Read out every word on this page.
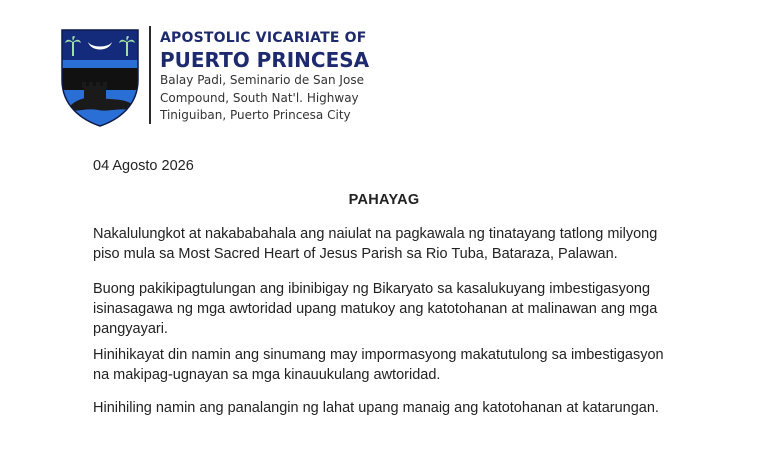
APOSTOLIC VICARIATE OF
PUERTO PRINCESA
Balay Padi, Seminario de San Jose
Compound, South Nat'l. Highway
Tiniguiban, Puerto Princesa City
04 Agosto 2026
PAHAYAG

Nakalulungkot at nakababahala ang naiulat na pagkawala ng tinatayang tatlong milyong
piso mula sa Most Sacred Heart of Jesus Parish sa Rio Tuba, Bataraza, Palawan.

Buong pakikipagtulungan ang ibinibigay ng Bikaryato sa kasalukuyang imbestigasyong
isinasagawa ng mga awtoridad upang matukoy ang katotohanan at malinawan ang mga
pangyayari.

Hinihikayat din namin ang sinumang may impormasyong makatutulong sa imbestigasyon
na makipag-ugnayan sa mga kinauukulang awtoridad.

Hinihiling namin ang panalangin ng lahat upang manaig ang katotohanan at katarungan.
